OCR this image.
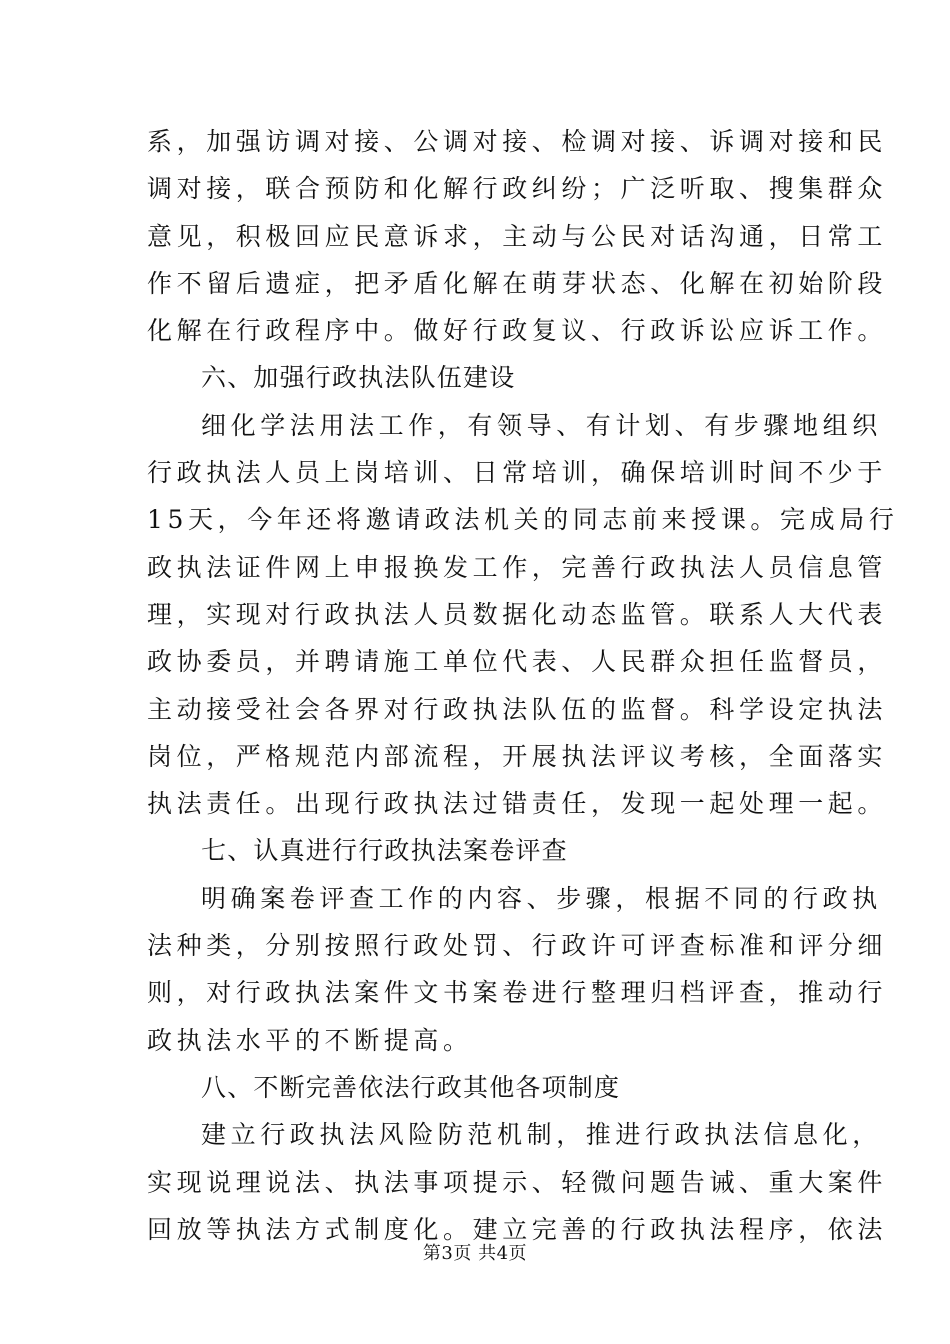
系，加强访调对接、公调对接、检调对接、诉调对接和民
调对接，联合预防和化解行政纠纷；广泛听取、搜集群众
意见，积极回应民意诉求，主动与公民对话沟通，日常工
作不留后遗症，把矛盾化解在萌芽状态、化解在初始阶段
化解在行政程序中。做好行政复议、行政诉讼应诉工作。
六、加强行政执法队伍建设
细化学法用法工作，有领导、有计划、有步骤地组织
行政执法人员上岗培训、日常培训，确保培训时间不少于
15天，今年还将邀请政法机关的同志前来授课。完成局行
政执法证件网上申报换发工作，完善行政执法人员信息管
理，实现对行政执法人员数据化动态监管。联系人大代表
政协委员，并聘请施工单位代表、人民群众担任监督员，
主动接受社会各界对行政执法队伍的监督。科学设定执法
岗位，严格规范内部流程，开展执法评议考核，全面落实
执法责任。出现行政执法过错责任，发现一起处理一起。
七、认真进行行政执法案卷评查
明确案卷评查工作的内容、步骤，根据不同的行政执
法种类，分别按照行政处罚、行政许可评查标准和评分细
则，对行政执法案件文书案卷进行整理归档评查，推动行
政执法水平的不断提高。
八、不断完善依法行政其他各项制度
建立行政执法风险防范机制，推进行政执法信息化，
实现说理说法、执法事项提示、轻微问题告诫、重大案件
回放等执法方式制度化。建立完善的行政执法程序，依法
第3页 共4页
